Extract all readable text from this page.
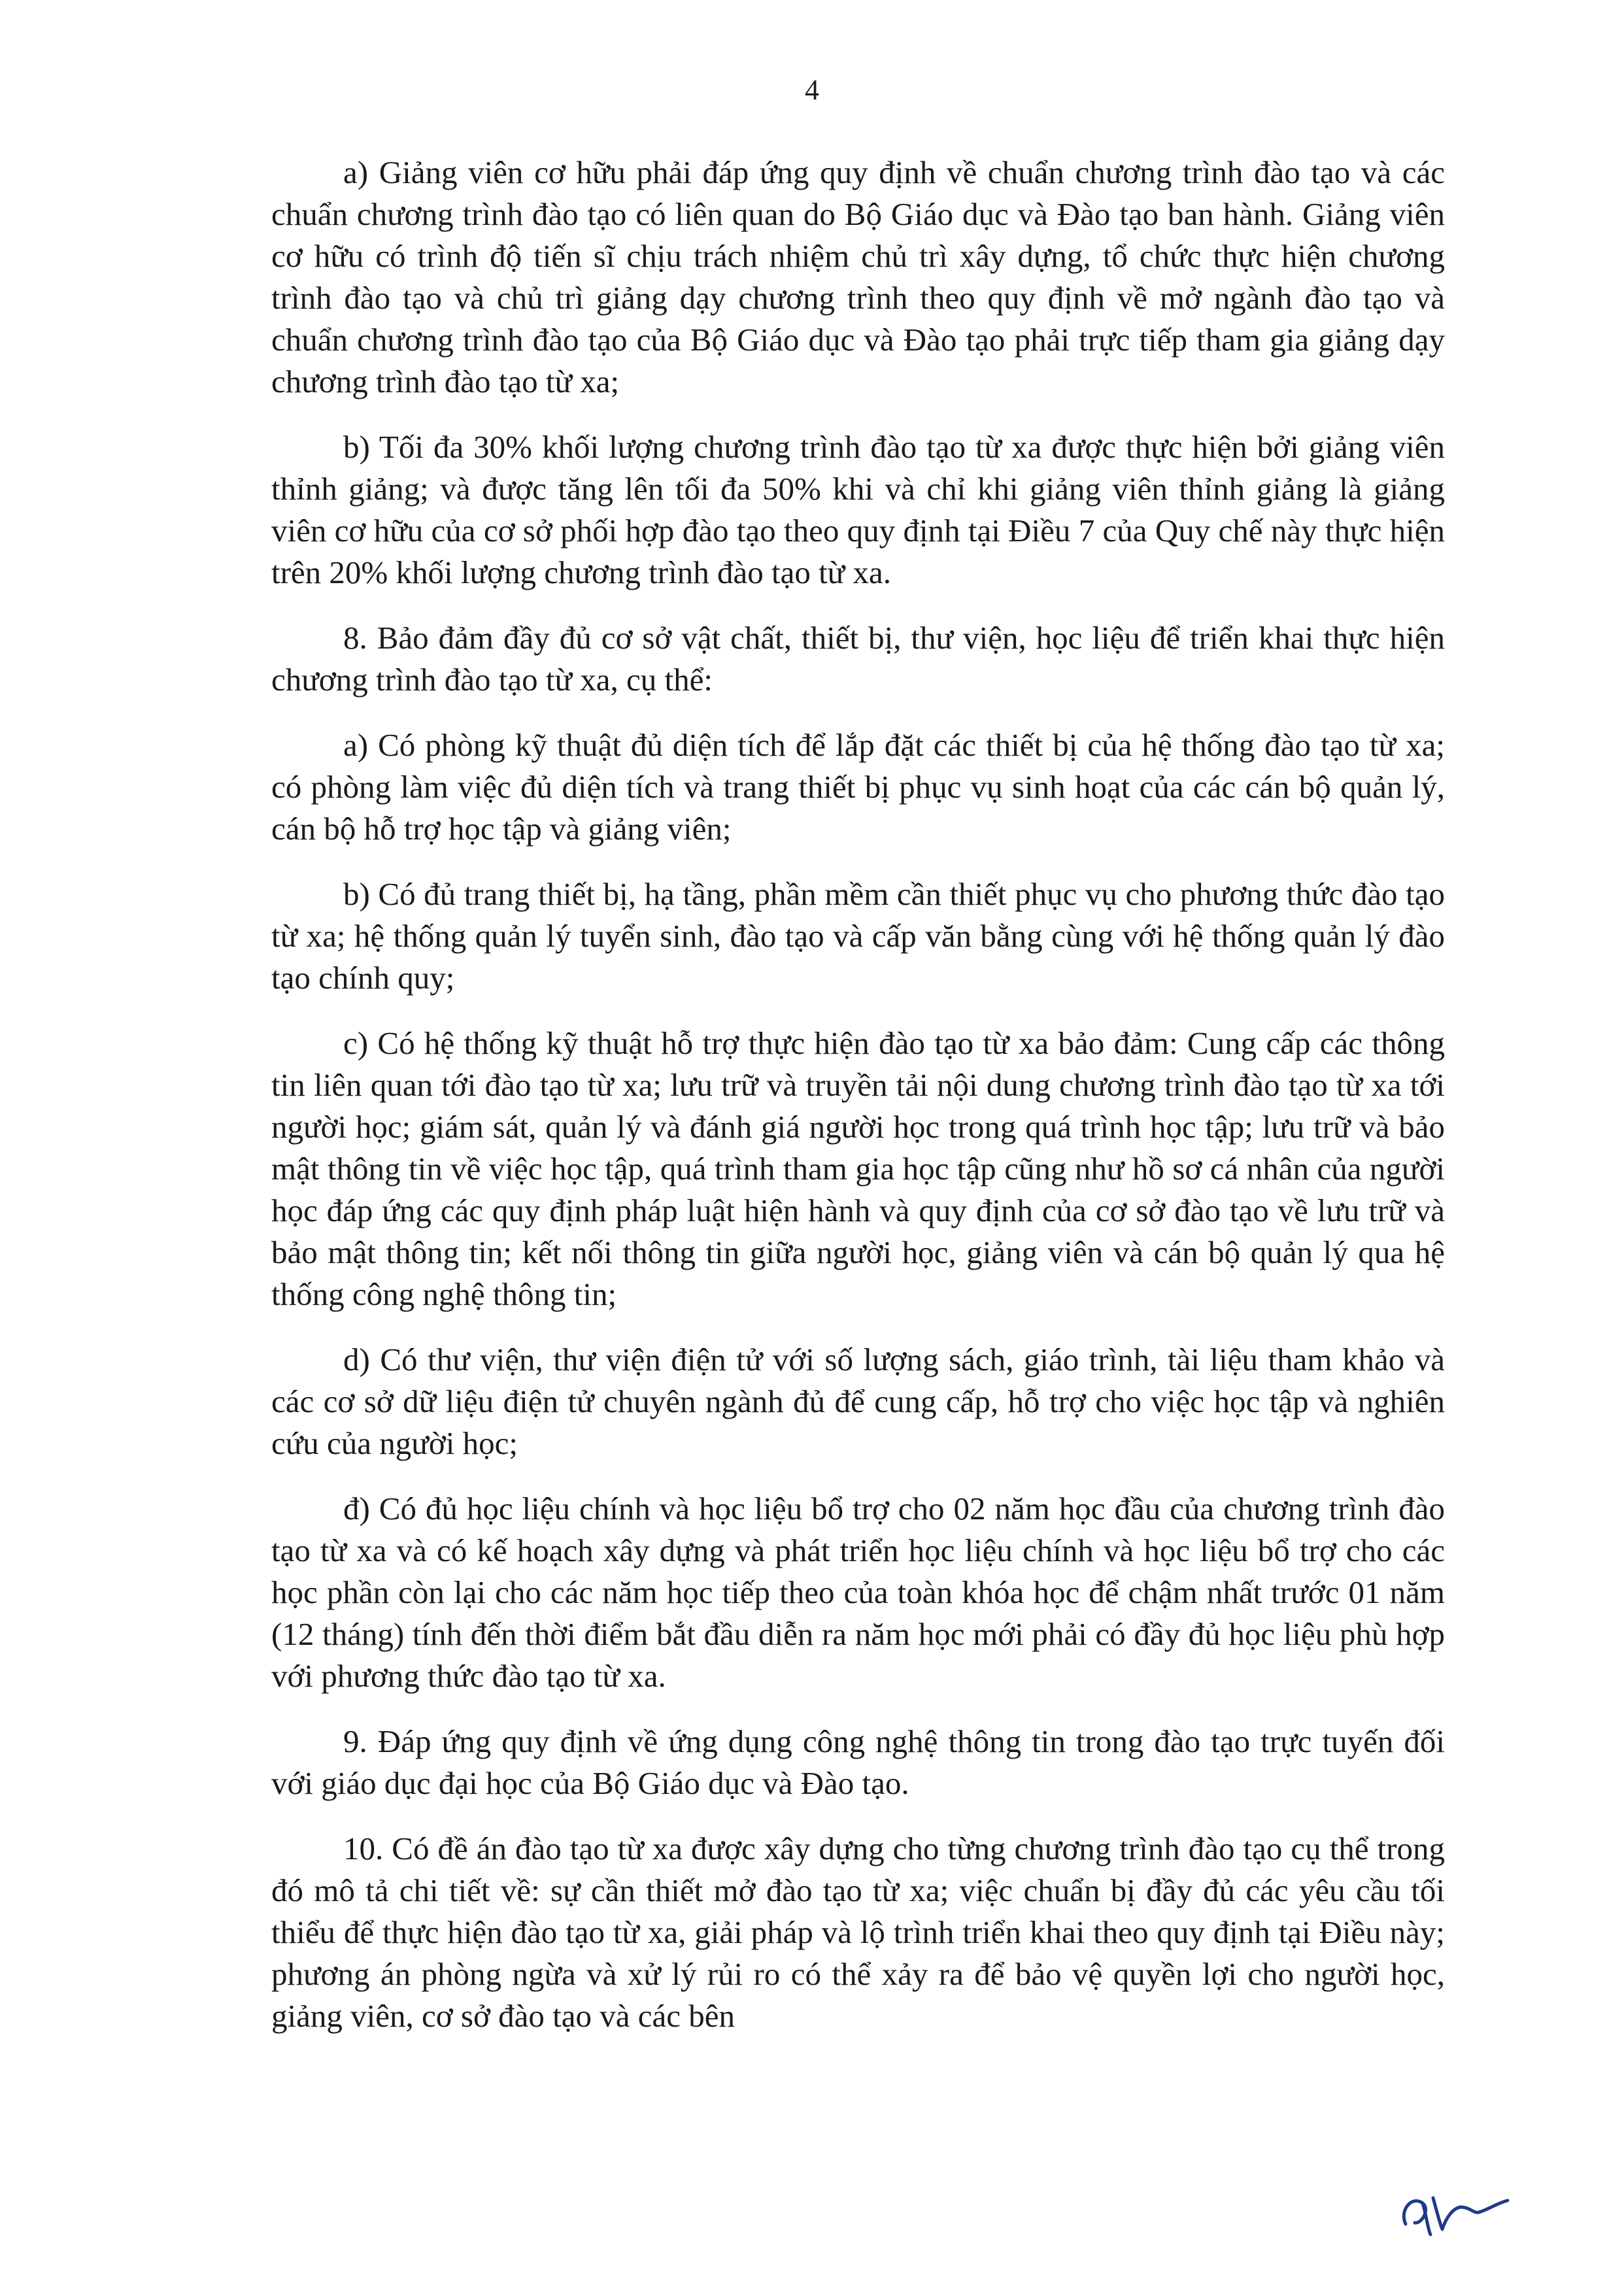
4

a) Giảng viên cơ hữu phải đáp ứng quy định về chuẩn chương trình đào tạo và các chuẩn chương trình đào tạo có liên quan do Bộ Giáo dục và Đào tạo ban hành. Giảng viên cơ hữu có trình độ tiến sĩ chịu trách nhiệm chủ trì xây dựng, tổ chức thực hiện chương trình đào tạo và chủ trì giảng dạy chương trình theo quy định về mở ngành đào tạo và chuẩn chương trình đào tạo của Bộ Giáo dục và Đào tạo phải trực tiếp tham gia giảng dạy chương trình đào tạo từ xa;

b) Tối đa 30% khối lượng chương trình đào tạo từ xa được thực hiện bởi giảng viên thỉnh giảng; và được tăng lên tối đa 50% khi và chỉ khi giảng viên thỉnh giảng là giảng viên cơ hữu của cơ sở phối hợp đào tạo theo quy định tại Điều 7 của Quy chế này thực hiện trên 20% khối lượng chương trình đào tạo từ xa.

8. Bảo đảm đầy đủ cơ sở vật chất, thiết bị, thư viện, học liệu để triển khai thực hiện chương trình đào tạo từ xa, cụ thể:

a) Có phòng kỹ thuật đủ diện tích để lắp đặt các thiết bị của hệ thống đào tạo từ xa; có phòng làm việc đủ diện tích và trang thiết bị phục vụ sinh hoạt của các cán bộ quản lý, cán bộ hỗ trợ học tập và giảng viên;

b) Có đủ trang thiết bị, hạ tầng, phần mềm cần thiết phục vụ cho phương thức đào tạo từ xa; hệ thống quản lý tuyển sinh, đào tạo và cấp văn bằng cùng với hệ thống quản lý đào tạo chính quy;

c) Có hệ thống kỹ thuật hỗ trợ thực hiện đào tạo từ xa bảo đảm: Cung cấp các thông tin liên quan tới đào tạo từ xa; lưu trữ và truyền tải nội dung chương trình đào tạo từ xa tới người học; giám sát, quản lý và đánh giá người học trong quá trình học tập; lưu trữ và bảo mật thông tin về việc học tập, quá trình tham gia học tập cũng như hồ sơ cá nhân của người học đáp ứng các quy định pháp luật hiện hành và quy định của cơ sở đào tạo về lưu trữ và bảo mật thông tin; kết nối thông tin giữa người học, giảng viên và cán bộ quản lý qua hệ thống công nghệ thông tin;

d) Có thư viện, thư viện điện tử với số lượng sách, giáo trình, tài liệu tham khảo và các cơ sở dữ liệu điện tử chuyên ngành đủ để cung cấp, hỗ trợ cho việc học tập và nghiên cứu của người học;

đ) Có đủ học liệu chính và học liệu bổ trợ cho 02 năm học đầu của chương trình đào tạo từ xa và có kế hoạch xây dựng và phát triển học liệu chính và học liệu bổ trợ cho các học phần còn lại cho các năm học tiếp theo của toàn khóa học để chậm nhất trước 01 năm (12 tháng) tính đến thời điểm bắt đầu diễn ra năm học mới phải có đầy đủ học liệu phù hợp với phương thức đào tạo từ xa.

9. Đáp ứng quy định về ứng dụng công nghệ thông tin trong đào tạo trực tuyến đối với giáo dục đại học của Bộ Giáo dục và Đào tạo.

10. Có đề án đào tạo từ xa được xây dựng cho từng chương trình đào tạo cụ thể trong đó mô tả chi tiết về: sự cần thiết mở đào tạo từ xa; việc chuẩn bị đầy đủ các yêu cầu tối thiểu để thực hiện đào tạo từ xa, giải pháp và lộ trình triển khai theo quy định tại Điều này; phương án phòng ngừa và xử lý rủi ro có thể xảy ra để bảo vệ quyền lợi cho người học, giảng viên, cơ sở đào tạo và các bên
